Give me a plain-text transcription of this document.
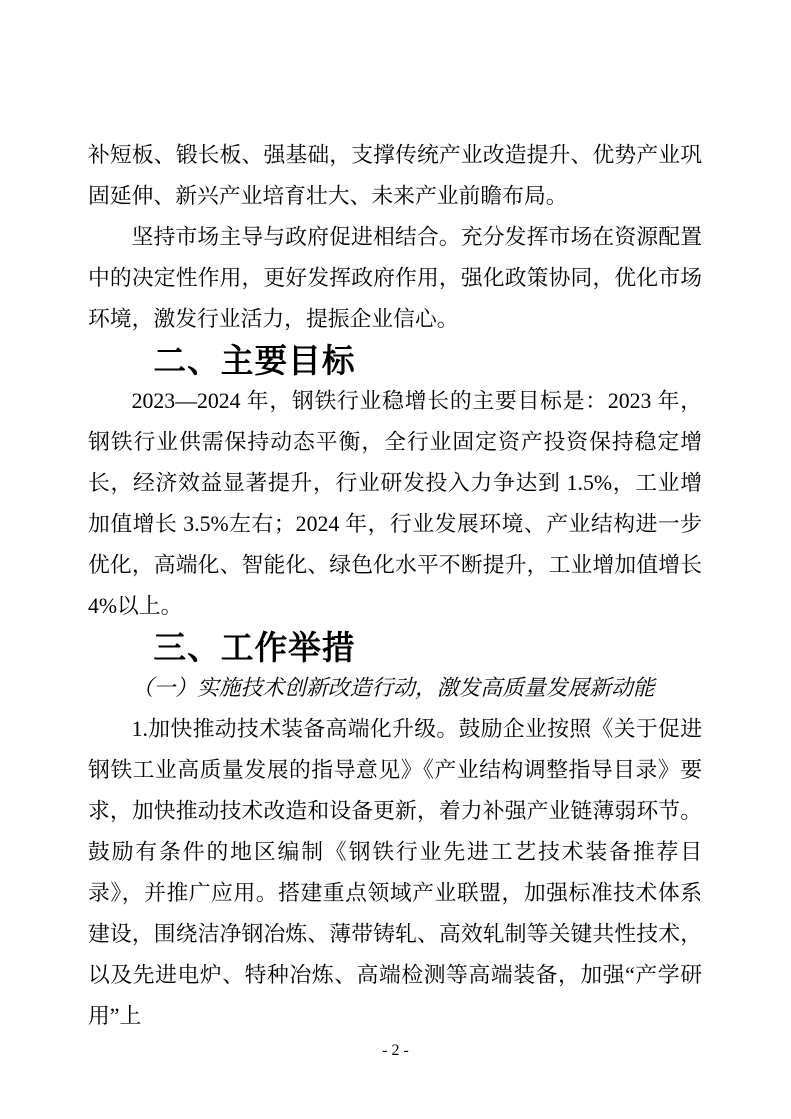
补短板、锻长板、强基础，支撑传统产业改造提升、优势产业巩固延伸、新兴产业培育壮大、未来产业前瞻布局。

坚持市场主导与政府促进相结合。充分发挥市场在资源配置中的决定性作用，更好发挥政府作用，强化政策协同，优化市场环境，激发行业活力，提振企业信心。

二、主要目标

2023—2024 年，钢铁行业稳增长的主要目标是：2023 年，钢铁行业供需保持动态平衡，全行业固定资产投资保持稳定增长，经济效益显著提升，行业研发投入力争达到 1.5%，工业增加值增长 3.5%左右；2024 年，行业发展环境、产业结构进一步优化，高端化、智能化、绿色化水平不断提升，工业增加值增长 4%以上。

三、工作举措

（一）实施技术创新改造行动，激发高质量发展新动能

1.加快推动技术装备高端化升级。鼓励企业按照《关于促进钢铁工业高质量发展的指导意见》《产业结构调整指导目录》要求，加快推动技术改造和设备更新，着力补强产业链薄弱环节。鼓励有条件的地区编制《钢铁行业先进工艺技术装备推荐目录》，并推广应用。搭建重点领域产业联盟，加强标准技术体系建设，围绕洁净钢冶炼、薄带铸轧、高效轧制等关键共性技术，以及先进电炉、特种冶炼、高端检测等高端装备，加强“产学研用”上

- 2 -
